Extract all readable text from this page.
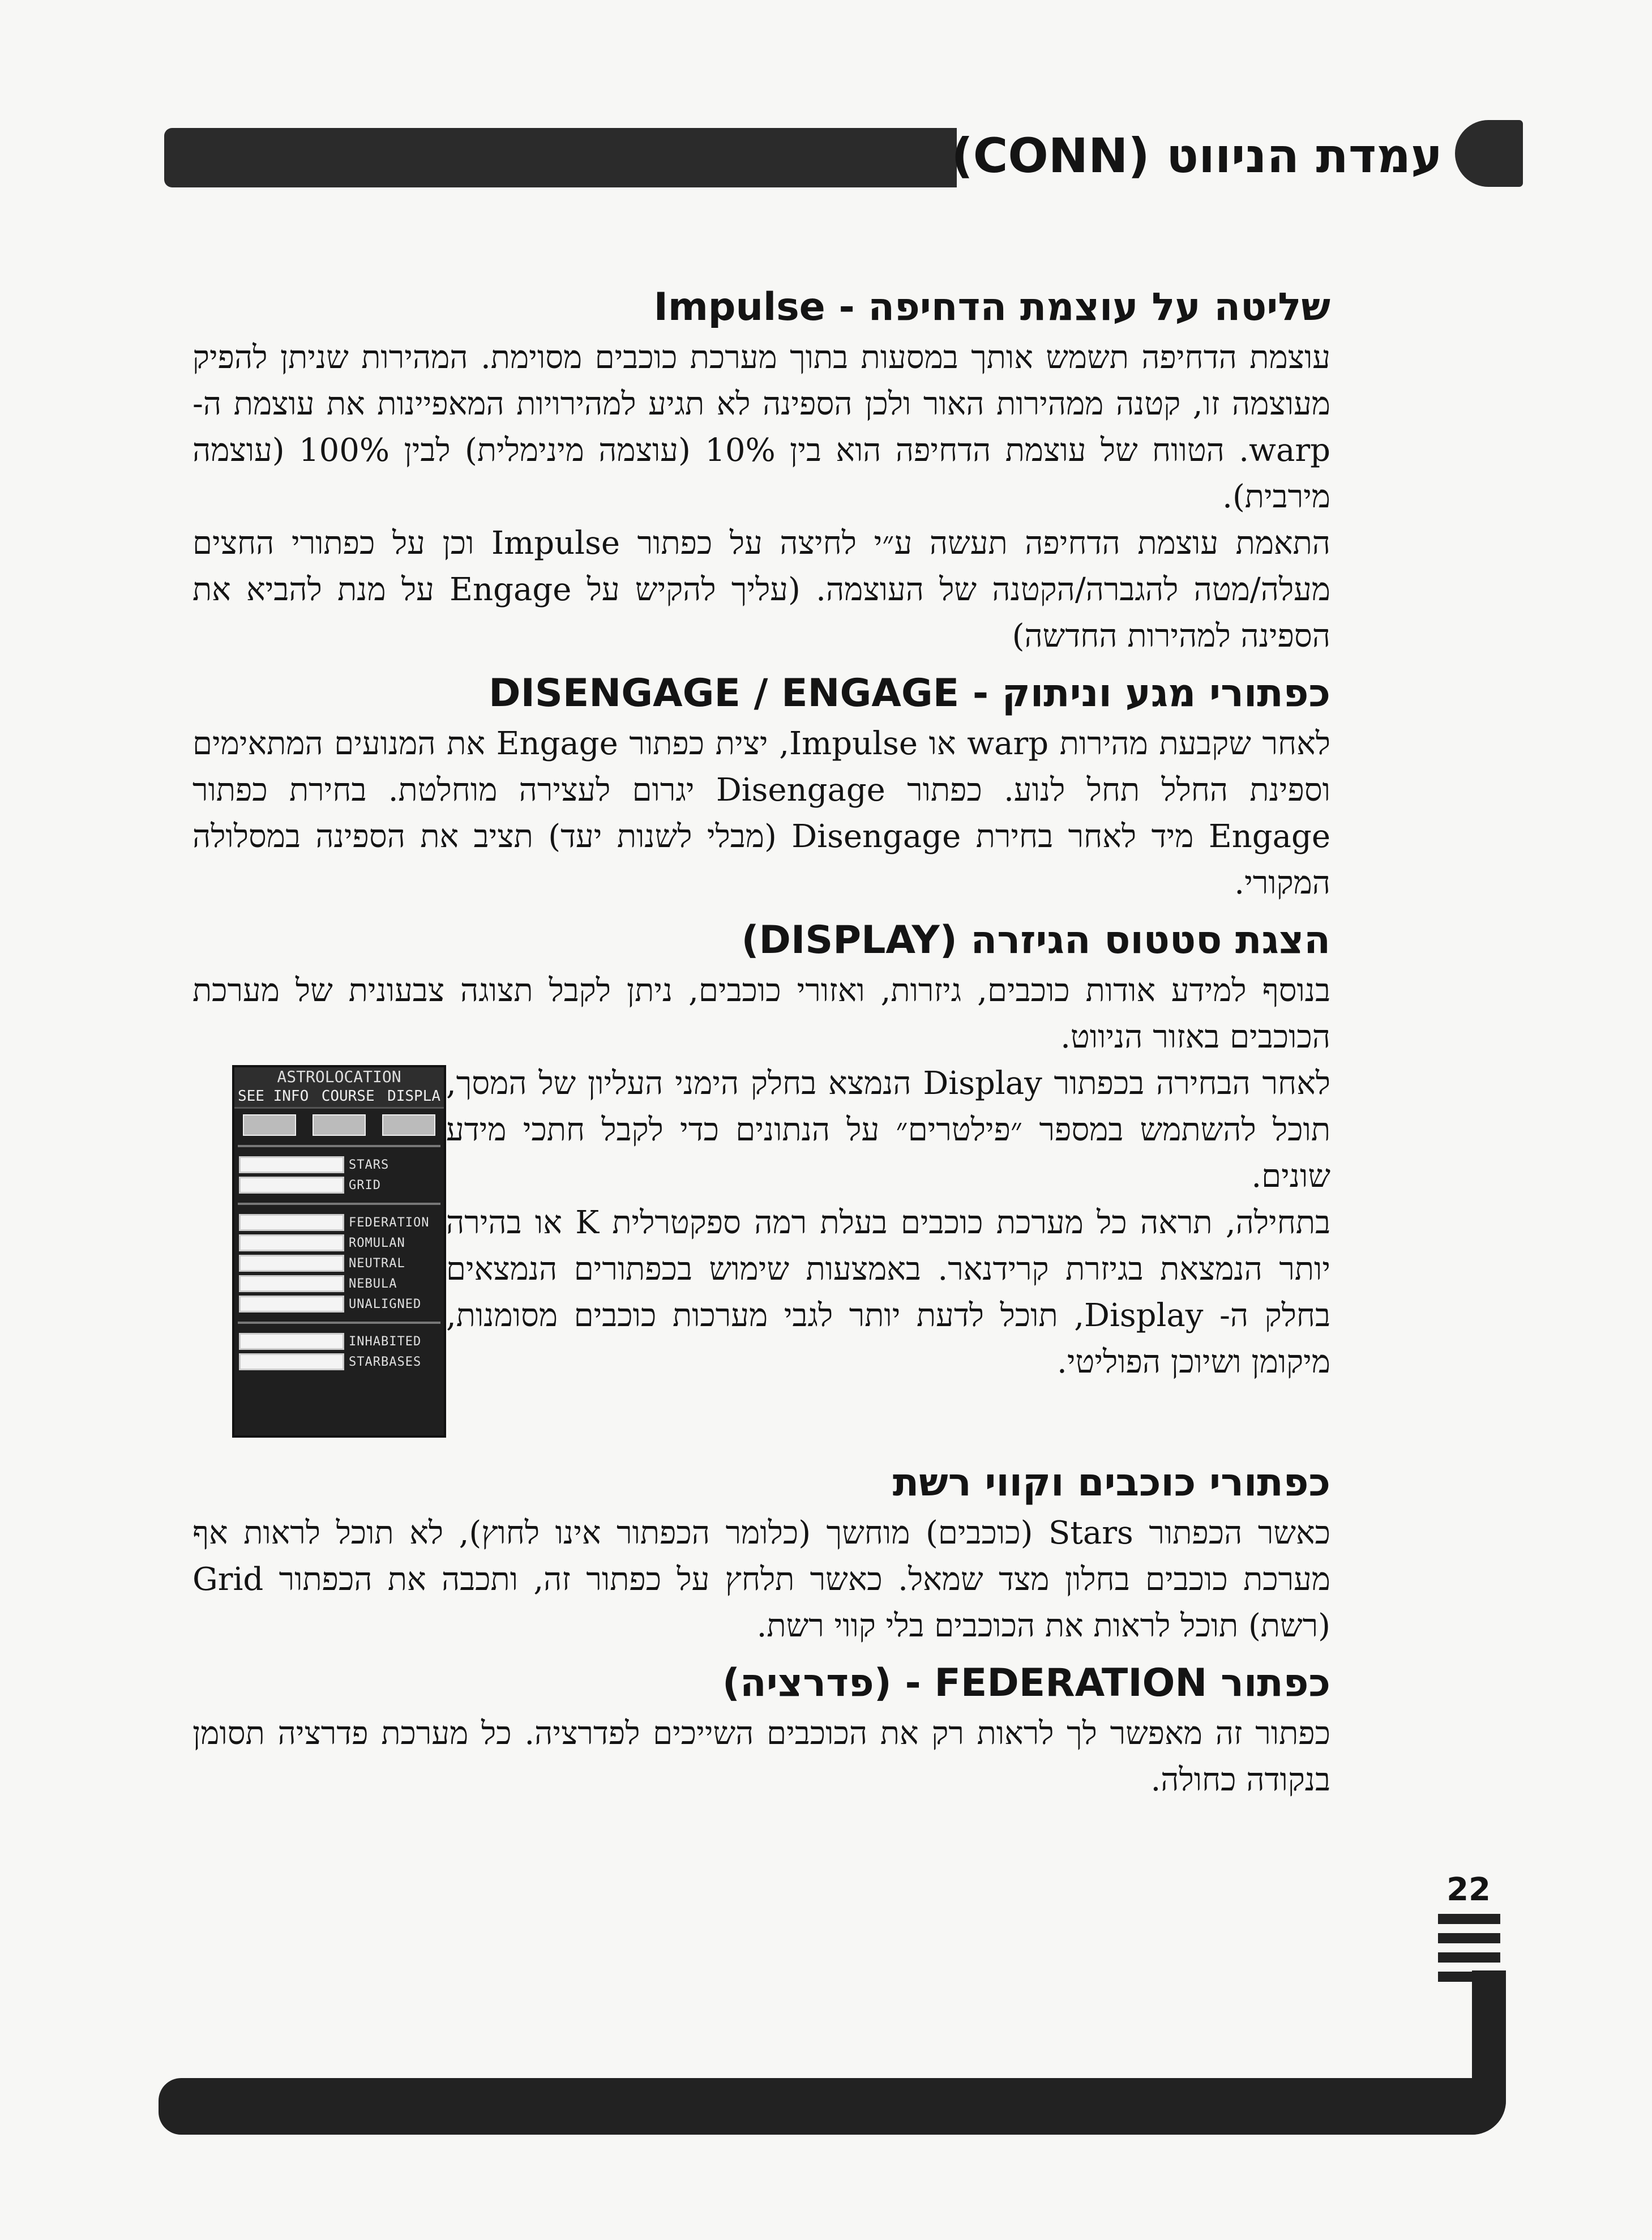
עמדת הניווט (CONN)
שליטה על עוצמת הדחיפה - Impulse

עוצמת הדחיפה תשמש אותך במסעות בתוך מערכת כוכבים מסוימת. המהירות שניתן להפיק מעוצמה זו, קטנה ממהירות האור ולכן הספינה לא תגיע למהירויות המאפיינות את עוצמת ה- warp. הטווח של עוצמת הדחיפה הוא בין 10% (עוצמה מינימלית) לבין 100% (עוצמה מירבית).

התאמת עוצמת הדחיפה תעשה ע״י לחיצה על כפתור Impulse וכן על כפתורי החצים מעלה/מטה להגברה/הקטנה של העוצמה. (עליך להקיש על Engage על מנת להביא את הספינה למהירות החדשה)

כפתורי מגע וניתוק - DISENGAGE / ENGAGE

לאחר שקבעת מהירות warp או Impulse, יצית כפתור Engage את המנועים המתאימים וספינת החלל תחל לנוע. כפתור Disengage יגרום לעצירה מוחלטת. בחירת כפתור Engage מיד לאחר בחירת Disengage (מבלי לשנות יעד) תציב את הספינה במסלולה המקורי.

הצגת סטטוס הגיזרה (DISPLAY)

בנוסף למידע אודות כוכבים, גיזרות, ואזורי כוכבים, ניתן לקבל תצוגה צבעונית של מערכת הכוכבים באזור הניווט.

ASTROLOCATION
SEE INFO COURSE DISPLA
STARS
GRID
FEDERATION
ROMULAN
NEUTRAL
NEBULA
UNALIGNED
INHABITED
STARBASES

לאחר הבחירה בכפתור Display הנמצא בחלק הימני העליון של המסך, תוכל להשתמש במספר ״פילטרים״ על הנתונים כדי לקבל חתכי מידע שונים.

בתחילה, תראה כל מערכת כוכבים בעלת רמה ספקטרלית K או בהירה יותר הנמצאת בגיזרת קרידנאר. באמצעות שימוש בכפתורים הנמצאים בחלק ה- Display, תוכל לדעת יותר לגבי מערכות כוכבים מסומנות, מיקומן ושיוכן הפוליטי.

כפתורי כוכבים וקווי רשת

כאשר הכפתור Stars (כוכבים) מוחשך (כלומר הכפתור אינו לחוץ), לא תוכל לראות אף מערכת כוכבים בחלון מצד שמאל. כאשר תלחץ על כפתור זה, ותכבה את הכפתור Grid (רשת) תוכל לראות את הכוכבים בלי קווי רשת.

כפתור FEDERATION - (פדרציה)

כפתור זה מאפשר לך לראות רק את הכוכבים השייכים לפדרציה. כל מערכת פדרציה תסומן בנקודה כחולה.

22
